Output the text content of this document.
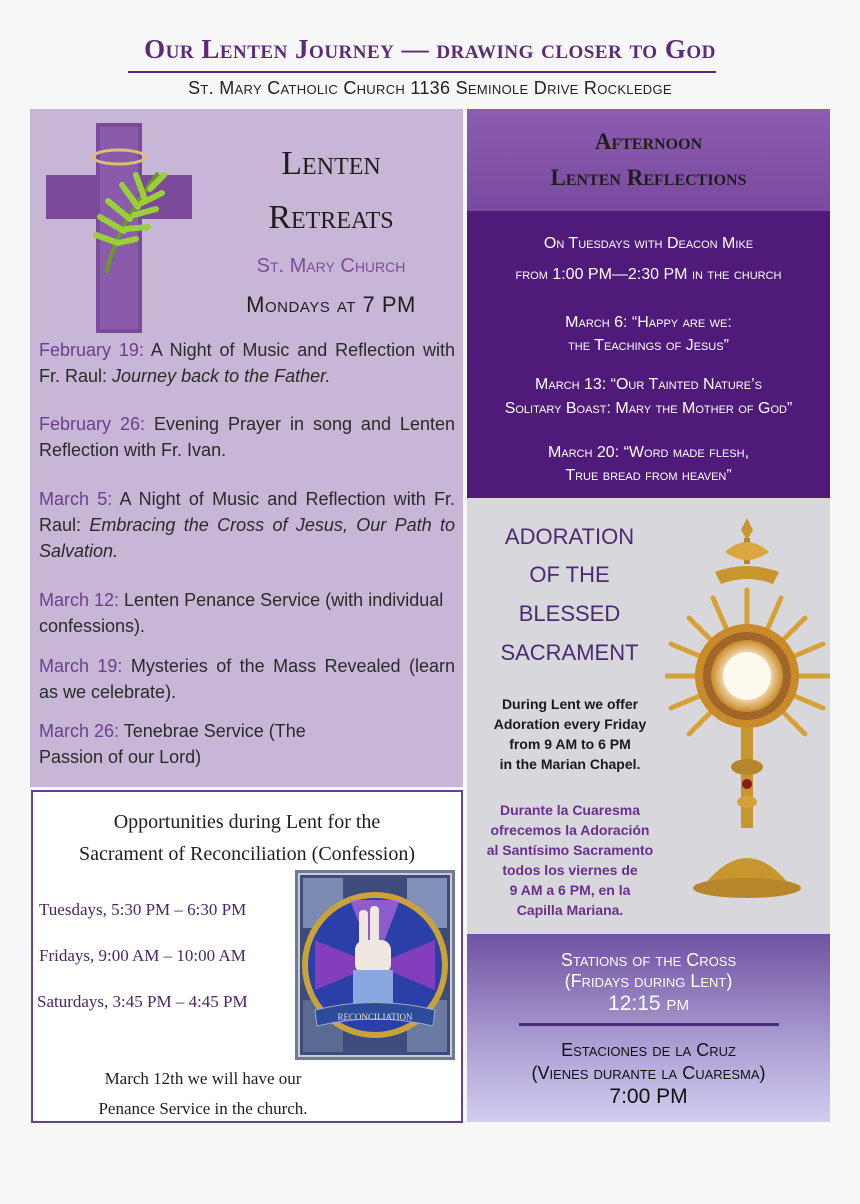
Our Lenten Journey — drawing closer to God
St. Mary Catholic Church 1136 Seminole Drive Rockledge
Lenten
Retreats
St. Mary Church
Mondays at 7 PM
February 19: A Night of Music and Reflection with Fr. Raul: Journey back to the Father.
February 26: Evening Prayer in song and Lenten Reflection with Fr. Ivan.
March 5: A Night of Music and Reflection with Fr. Raul: Embracing the Cross of Jesus, Our Path to Salvation.
March 12: Lenten Penance Service (with individual confessions).
March 19: Mysteries of the Mass Revealed (learn as we celebrate).
March 26: Tenebrae Service (The Passion of our Lord)
Opportunities during Lent for the
Sacrament of Reconciliation (Confession)
Tuesdays, 5:30 PM – 6:30 PM
Fridays, 9:00 AM – 10:00 AM
Saturdays, 3:45 PM – 4:45 PM
RECONCILIATION
March 12th we will have our
Penance Service in the church.
Afternoon
Lenten Reflections
On Tuesdays with Deacon Mike
from 1:00 PM—2:30 PM in the church
March 6: “Happy are we:
the Teachings of Jesus”
March 13: “Our Tainted Nature’s
Solitary Boast: Mary the Mother of God”
March 20: “Word made flesh,
True bread from heaven”
ADORATION
OF THE
BLESSED
SACRAMENT
During Lent we offer
Adoration every Friday
from 9 AM to 6 PM
in the Marian Chapel.
Durante la Cuaresma
ofrecemos la Adoración
al Santísimo Sacramento
todos los viernes de
9 AM a 6 PM, en la
Capilla Mariana.
Stations of the Cross
(Fridays during Lent)
12:15 pm
Estaciones de la Cruz
(Vienes durante la Cuaresma)
7:00 PM
